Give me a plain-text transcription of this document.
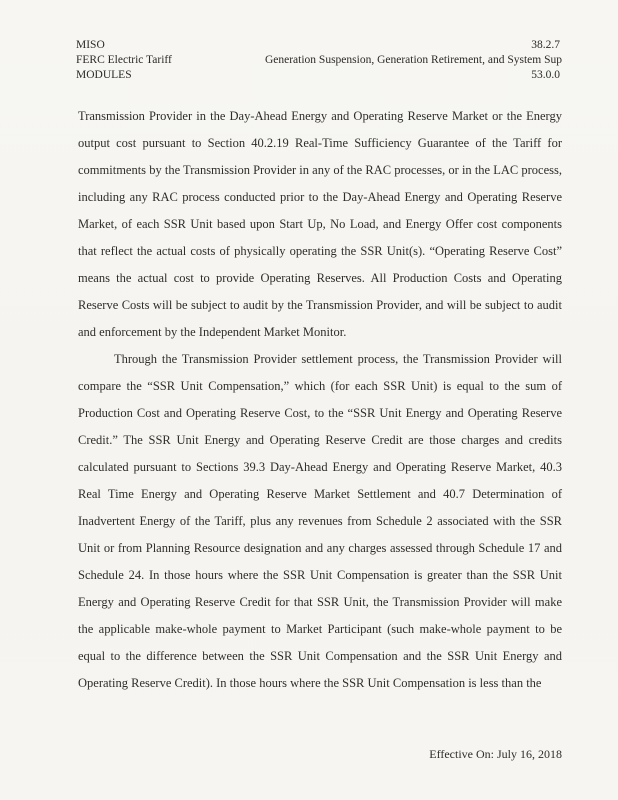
MISO
FERC Electric Tariff
MODULES
Generation Suspension, Generation Retirement, and System Sup
38.2.7
53.0.0

Transmission Provider in the Day-Ahead Energy and Operating Reserve Market or the Energy output cost pursuant to Section 40.2.19 Real-Time Sufficiency Guarantee of the Tariff for commitments by the Transmission Provider in any of the RAC processes, or in the LAC process, including any RAC process conducted prior to the Day-Ahead Energy and Operating Reserve Market, of each SSR Unit based upon Start Up, No Load, and Energy Offer cost components that reflect the actual costs of physically operating the SSR Unit(s). “Operating Reserve Cost” means the actual cost to provide Operating Reserves. All Production Costs and Operating Reserve Costs will be subject to audit by the Transmission Provider, and will be subject to audit and enforcement by the Independent Market Monitor.

Through the Transmission Provider settlement process, the Transmission Provider will compare the “SSR Unit Compensation,” which (for each SSR Unit) is equal to the sum of Production Cost and Operating Reserve Cost, to the “SSR Unit Energy and Operating Reserve Credit.” The SSR Unit Energy and Operating Reserve Credit are those charges and credits calculated pursuant to Sections 39.3 Day-Ahead Energy and Operating Reserve Market, 40.3 Real Time Energy and Operating Reserve Market Settlement and 40.7 Determination of Inadvertent Energy of the Tariff, plus any revenues from Schedule 2 associated with the SSR Unit or from Planning Resource designation and any charges assessed through Schedule 17 and Schedule 24. In those hours where the SSR Unit Compensation is greater than the SSR Unit Energy and Operating Reserve Credit for that SSR Unit, the Transmission Provider will make the applicable make-whole payment to Market Participant (such make-whole payment to be equal to the difference between the SSR Unit Compensation and the SSR Unit Energy and Operating Reserve Credit). In those hours where the SSR Unit Compensation is less than the

Effective On: July 16, 2018
